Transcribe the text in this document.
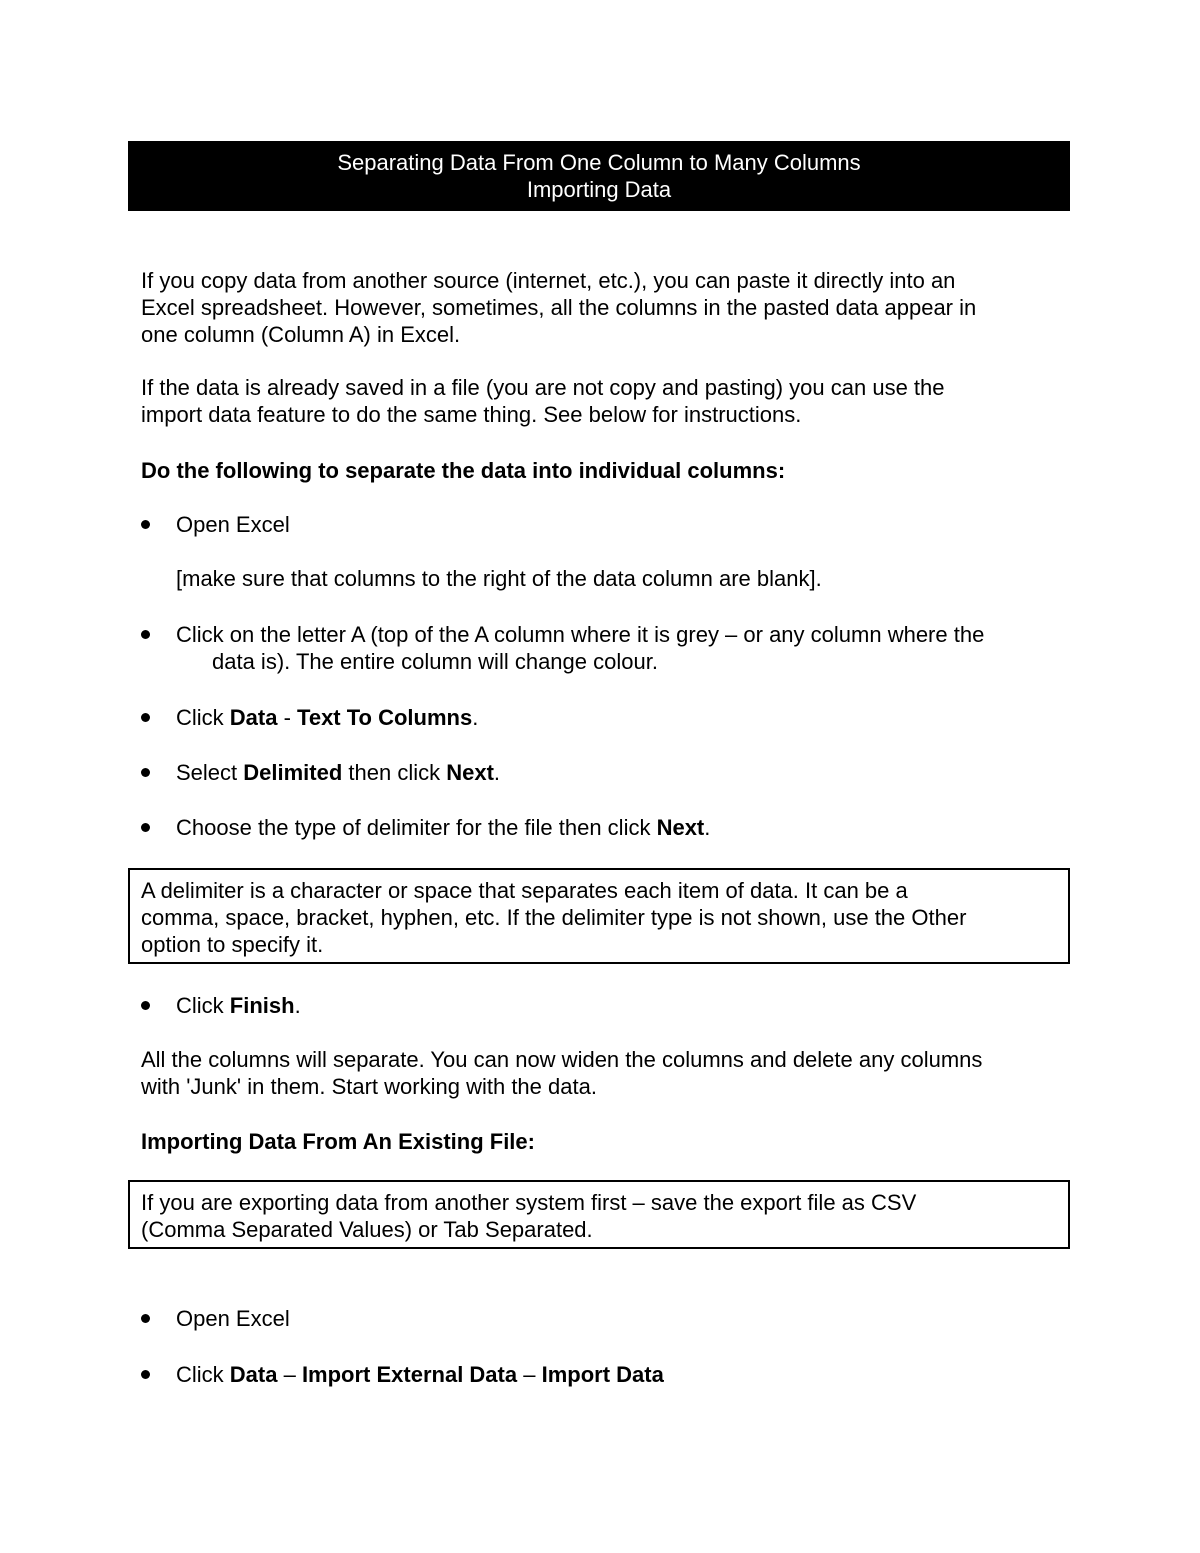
Separating Data From One Column to Many Columns
Importing Data
If you copy data from another source (internet, etc.), you can paste it directly into an
Excel spreadsheet. However, sometimes, all the columns in the pasted data appear in
one column (Column A) in Excel.
If the data is already saved in a file (you are not copy and pasting) you can use the
import data feature to do the same thing. See below for instructions.
Do the following to separate the data into individual columns:
Open Excel
[make sure that columns to the right of the data column are blank].
Click on the letter A (top of the A column where it is grey – or any column where the
data is). The entire column will change colour.
Click Data - Text To Columns.
Select Delimited then click Next.
Choose the type of delimiter for the file then click Next.
A delimiter is a character or space that separates each item of data. It can be a
comma, space, bracket, hyphen, etc. If the delimiter type is not shown, use the Other
option to specify it.
Click Finish.
All the columns will separate. You can now widen the columns and delete any columns
with 'Junk' in them. Start working with the data.
Importing Data From An Existing File:
If you are exporting data from another system first – save the export file as CSV
(Comma Separated Values) or Tab Separated.
Open Excel
Click Data – Import External Data – Import Data
